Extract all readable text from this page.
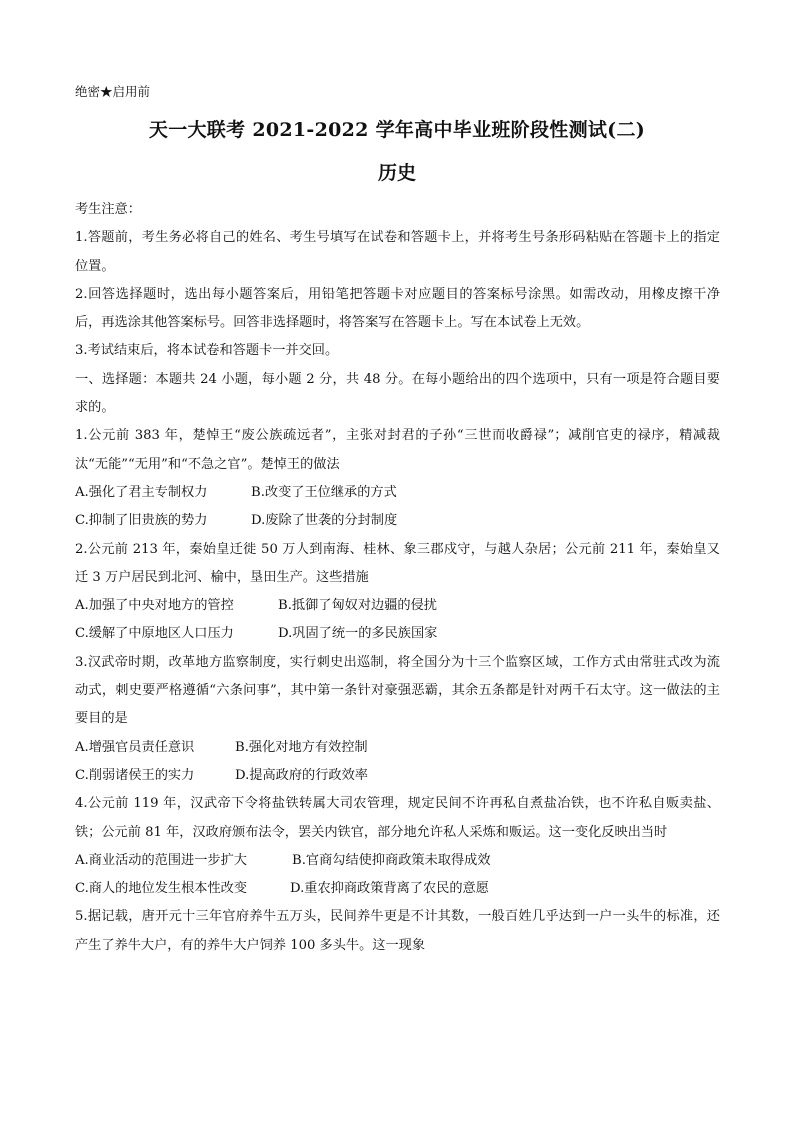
绝密★启用前
天一大联考 2021-2022 学年高中毕业班阶段性测试(二)
历史

考生注意：

1.答题前，考生务必将自己的姓名、考生号填写在试卷和答题卡上，并将考生号条形码粘贴在答题卡上的指定位置。

2.回答选择题时，选出每小题答案后，用铅笔把答题卡对应题目的答案标号涂黑。如需改动，用橡皮擦干净后，再选涂其他答案标号。回答非选择题时，将答案写在答题卡上。写在本试卷上无效。

3.考试结束后，将本试卷和答题卡一并交回。

一、选择题：本题共 24 小题，每小题 2 分，共 48 分。在每小题给出的四个选项中，只有一项是符合题目要求的。

1.公元前 383 年，楚悼王“废公族疏远者”，主张对封君的子孙“三世而收爵禄”；减削官吏的禄序，精减裁汰“无能”“无用”和“不急之官”。楚悼王的做法

A.强化了君主专制权力	B.改变了王位继承的方式
C.抑制了旧贵族的势力	D.废除了世袭的分封制度

2.公元前 213 年，秦始皇迁徙 50 万人到南海、桂林、象三郡戍守，与越人杂居；公元前 211 年，秦始皇又迁 3 万户居民到北河、榆中，垦田生产。这些措施

A.加强了中央对地方的管控	B.抵御了匈奴对边疆的侵扰
C.缓解了中原地区人口压力	D.巩固了统一的多民族国家

3.汉武帝时期，改革地方监察制度，实行刺史出巡制，将全国分为十三个监察区域，工作方式由常驻式改为流动式，刺史要严格遵循“六条问事”，其中第一条针对豪强恶霸，其余五条都是针对两千石太守。这一做法的主要目的是

A.增强官员责任意识	B.强化对地方有效控制
C.削弱诸侯王的实力	D.提高政府的行政效率

4.公元前 119 年，汉武帝下令将盐铁转属大司农管理，规定民间不许再私自煮盐冶铁，也不许私自贩卖盐、铁；公元前 81 年，汉政府颁布法令，罢关内铁官，部分地允许私人采炼和贩运。这一变化反映出当时

A.商业活动的范围进一步扩大	B.官商勾结使抑商政策未取得成效
C.商人的地位发生根本性改变	D.重农抑商政策背离了农民的意愿

5.据记载，唐开元十三年官府养牛五万头，民间养牛更是不计其数，一般百姓几乎达到一户一头牛的标准，还产生了养牛大户，有的养牛大户饲养 100 多头牛。这一现象
